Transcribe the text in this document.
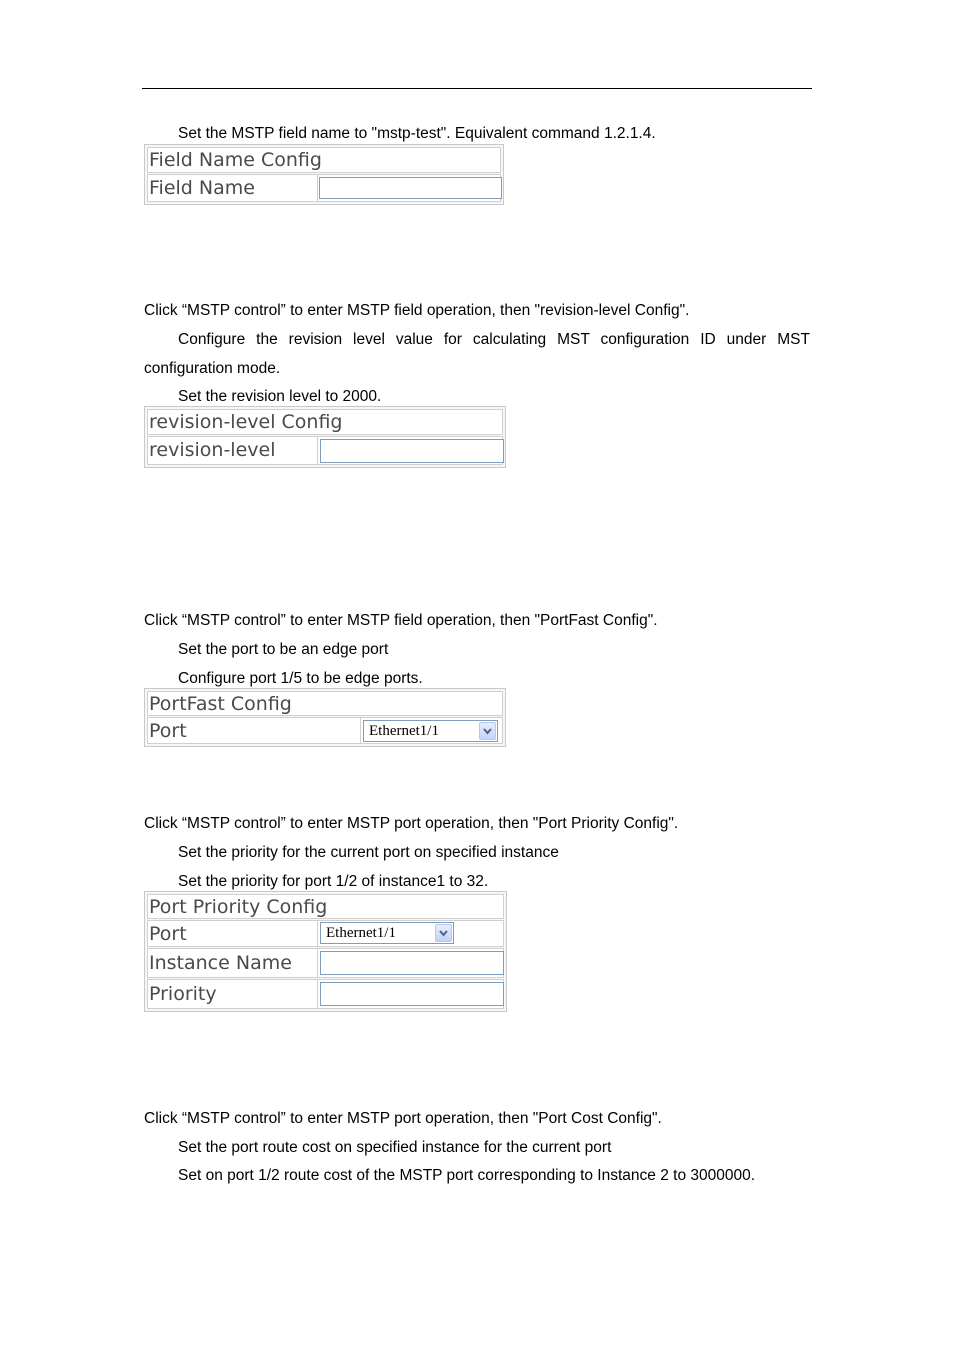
Set the MSTP field name to "mstp-test". Equivalent command 1.2.1.4.
Field Name Config
Field Name
Click “MSTP control” to enter MSTP field operation, then "revision-level Config".
Configure the revision level value for calculating MST configuration ID under MST
configuration mode.
Set the revision level to 2000.
revision-level Config
revision-level
Click “MSTP control” to enter MSTP field operation, then "PortFast Config".
Set the port to be an edge port
Configure port 1/5 to be edge ports.
PortFast Config
Port	Ethernet1/1
Click “MSTP control” to enter MSTP port operation, then "Port Priority Config".
Set the priority for the current port on specified instance
Set the priority for port 1/2 of instance1 to 32.
Port Priority Config
Port	Ethernet1/1
Instance Name
Priority
Click “MSTP control” to enter MSTP port operation, then "Port Cost Config".
Set the port route cost on specified instance for the current port
Set on port 1/2 route cost of the MSTP port corresponding to Instance 2 to 3000000.
